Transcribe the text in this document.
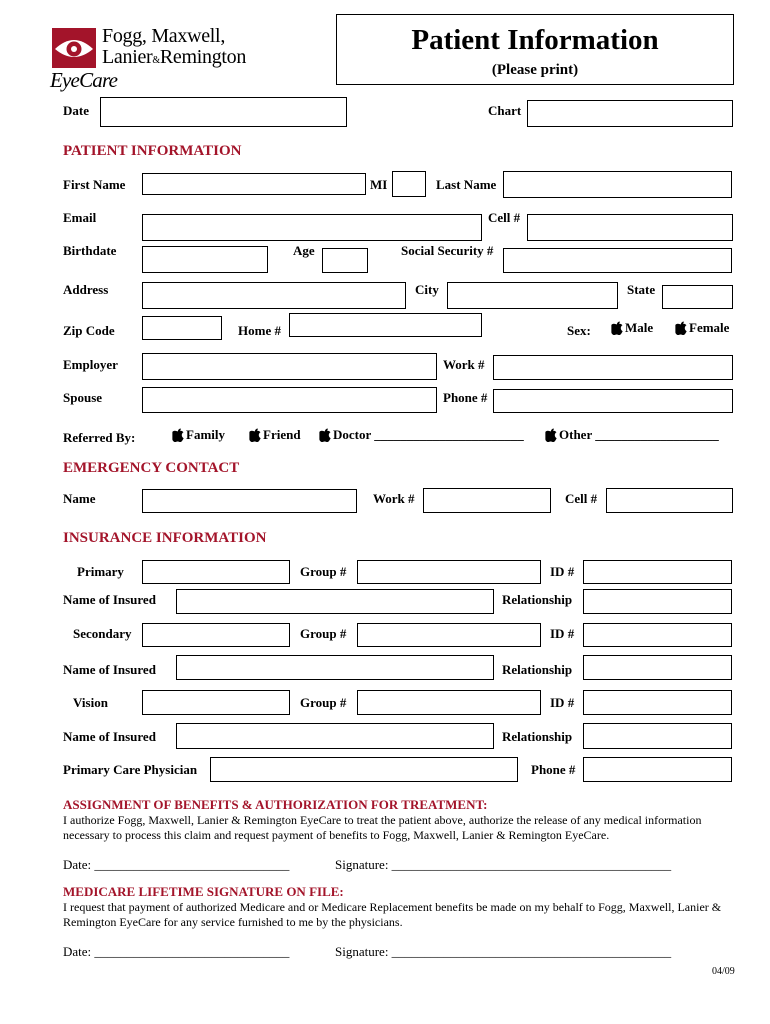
Fogg, Maxwell,
Lanier&Remington
EyeCare
Patient Information
(Please print)
Date	Chart
PATIENT INFORMATION
First Name	MI	Last Name
Email	Cell #
Birthdate	Age	Social Security #
Address	City	State
Zip Code	Home #	Sex:	Male	Female
Employer	Work #
Spouse	Phone #
Referred By:	Family	Friend Doctor _______________________	Other ___________________
EMERGENCY CONTACT
Name	Work #	Cell #
INSURANCE INFORMATION
Primary	Group #	ID #
Name of Insured	Relationship
Secondary	Group #	ID #
Name of Insured	Relationship
Vision	Group #	ID #
Name of Insured	Relationship
Primary Care Physician	Phone #
ASSIGNMENT OF BENEFITS & AUTHORIZATION FOR TREATMENT:
I authorize Fogg, Maxwell, Lanier & Remington EyeCare to treat the patient above, authorize the release of any medical information necessary to process this claim and request payment of benefits to Fogg, Maxwell, Lanier & Remington EyeCare.
Date: ______________________________	Signature: ___________________________________________
MEDICARE LIFETIME SIGNATURE ON FILE:
I request that payment of authorized Medicare and or Medicare Replacement benefits be made on my behalf to Fogg, Maxwell, Lanier & Remington EyeCare for any service furnished to me by the physicians.
Date: ______________________________	Signature: ___________________________________________
04/09
